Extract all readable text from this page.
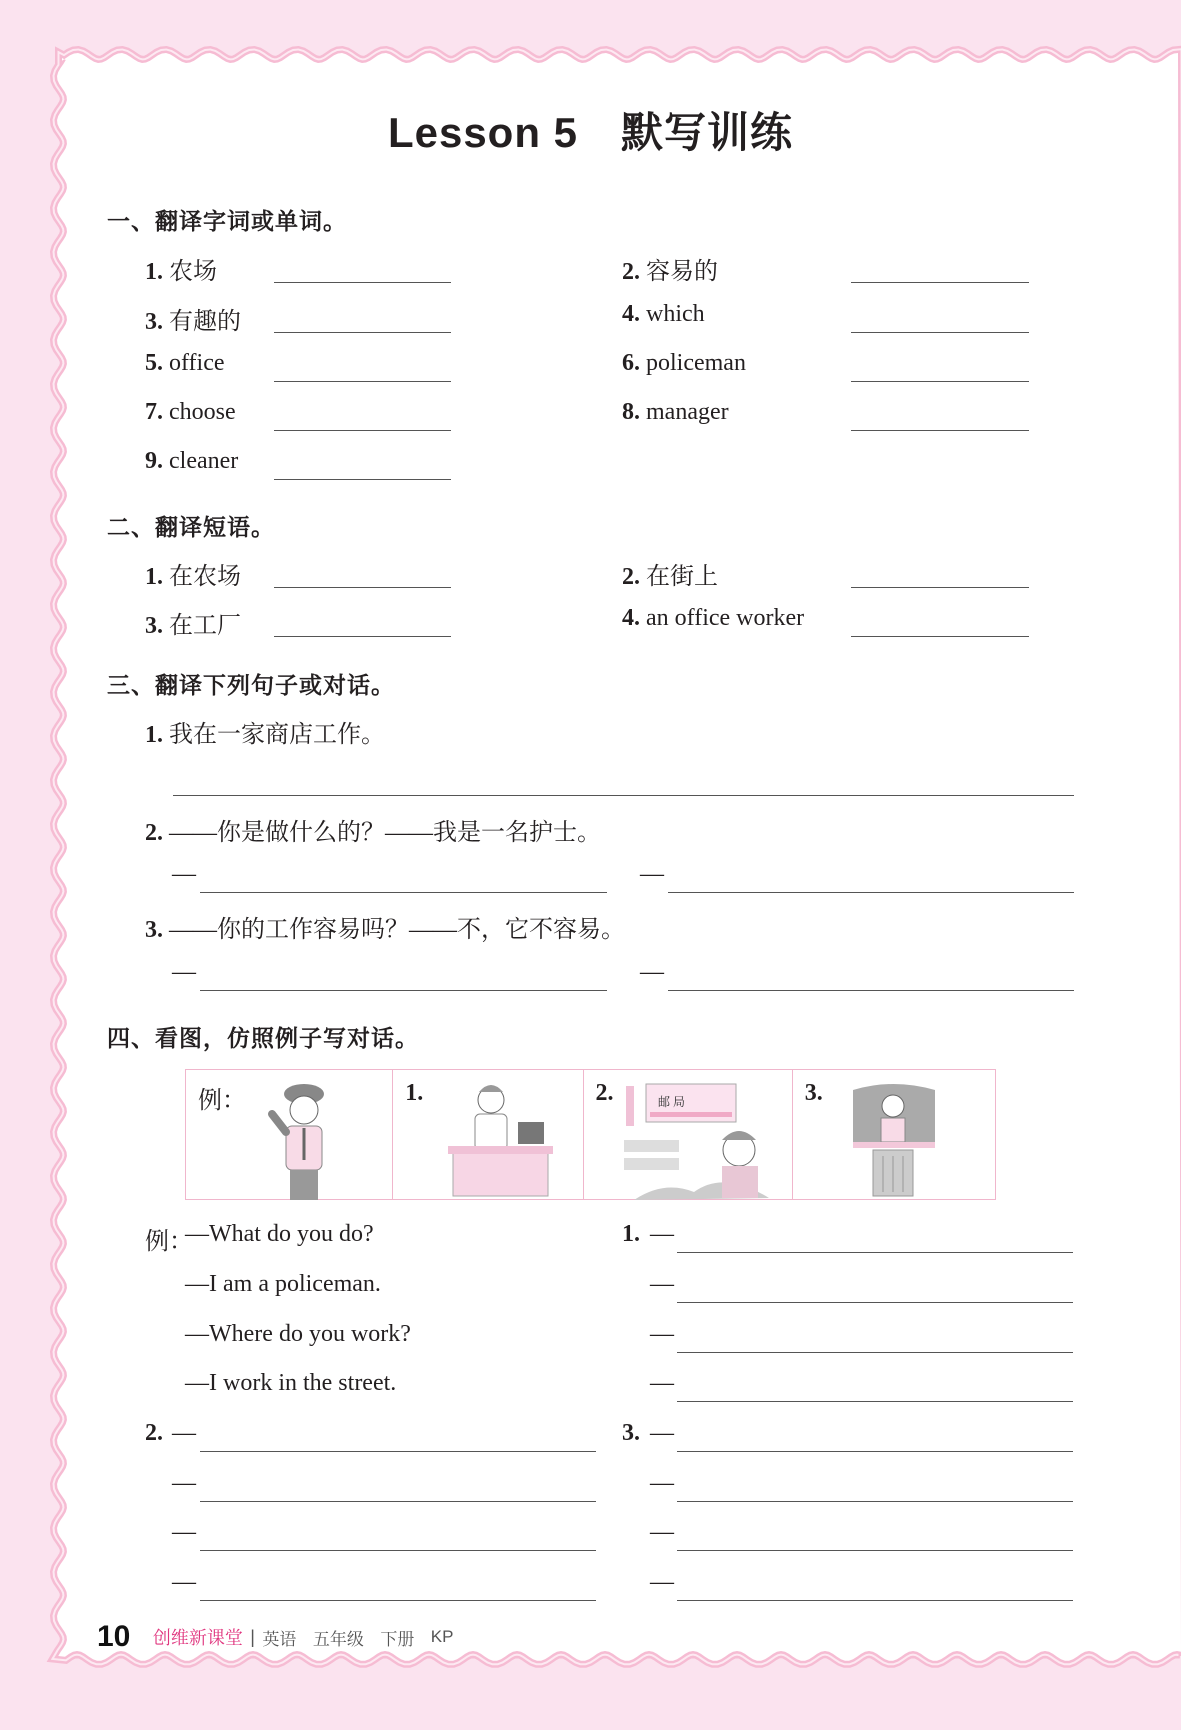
Lesson 5　默写训练
一、翻译字词或单词。
1. 农场	2. 容易的
3. 有趣的	4. which
5. office	6. policeman
7. choose	8. manager
9. cleaner
二、翻译短语。
1. 在农场	2. 在街上
3. 在工厂	4. an office worker
三、翻译下列句子或对话。
1. 我在一家商店工作。
2. ——你是做什么的？——我是一名护士。
—	—
3. ——你的工作容易吗？——不，它不容易。
—	—
四、看图，仿照例子写对话。
例：
—What do you do?	1. —
—I am a policeman.	—
—Where do you work?	—
—I work in the street.	—
2.	3.
—	—
—	—
—	—
—	—
例：	1.	2.	邮 局	3.
10 创维新课堂 | 英语 五年级 下册 KP
